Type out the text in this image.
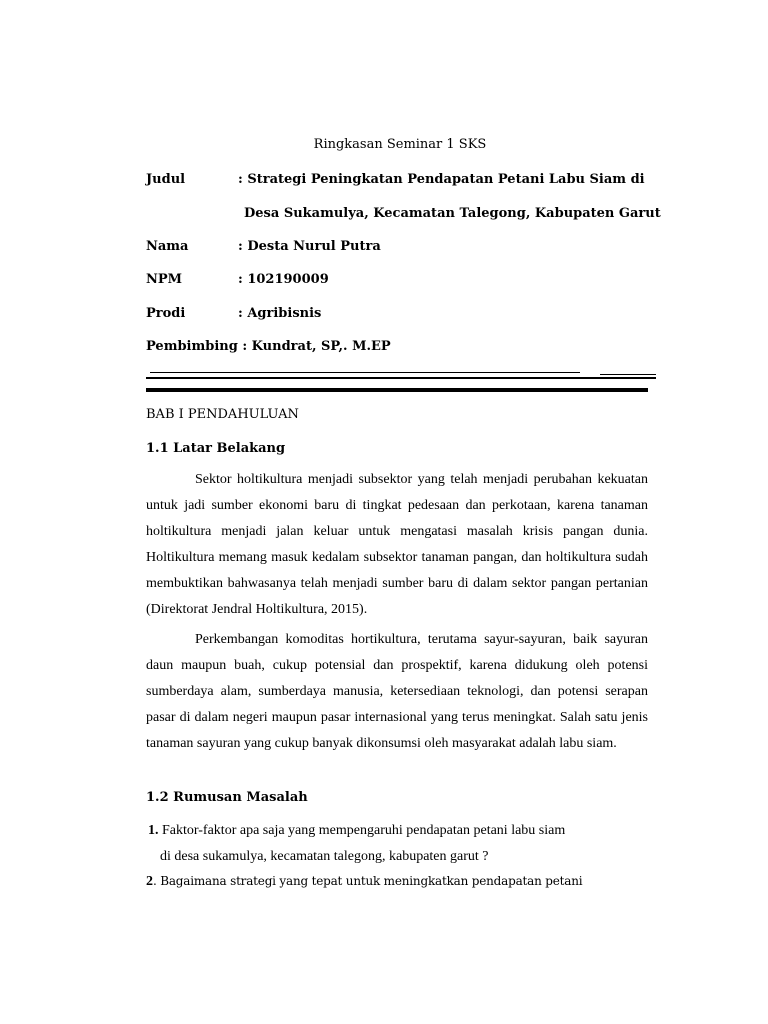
Ringkasan Seminar 1 SKS
Judul	: Strategi Peningkatan Pendapatan Petani Labu Siam di
Desa Sukamulya, Kecamatan Talegong, Kabupaten Garut
Nama	: Desta Nurul Putra
NPM	: 102190009
Prodi	: Agribisnis
Pembimbing : Kundrat, SP,. M.EP
BAB I PENDAHULUAN
1.1 Latar Belakang

Sektor holtikultura menjadi subsektor yang telah menjadi perubahan kekuatan untuk jadi sumber ekonomi baru di tingkat pedesaan dan perkotaan, karena tanaman holtikultura menjadi jalan keluar untuk mengatasi masalah krisis pangan dunia. Holtikultura memang masuk kedalam subsektor tanaman pangan, dan holtikultura sudah membuktikan bahwasanya telah menjadi sumber baru di dalam sektor pangan pertanian (Direktorat Jendral Holtikultura, 2015).

Perkembangan komoditas hortikultura, terutama sayur-sayuran, baik sayuran daun maupun buah, cukup potensial dan prospektif, karena didukung oleh potensi sumberdaya alam, sumberdaya manusia, ketersediaan teknologi, dan potensi serapan pasar di dalam negeri maupun pasar internasional yang terus meningkat. Salah satu jenis tanaman sayuran yang cukup banyak dikonsumsi oleh masyarakat adalah labu siam.

1.2 Rumusan Masalah
1. Faktor-faktor apa saja yang mempengaruhi pendapatan petani labu siam
di desa sukamulya, kecamatan talegong, kabupaten garut ?
2. Bagaimana strategi yang tepat untuk meningkatkan pendapatan petani
